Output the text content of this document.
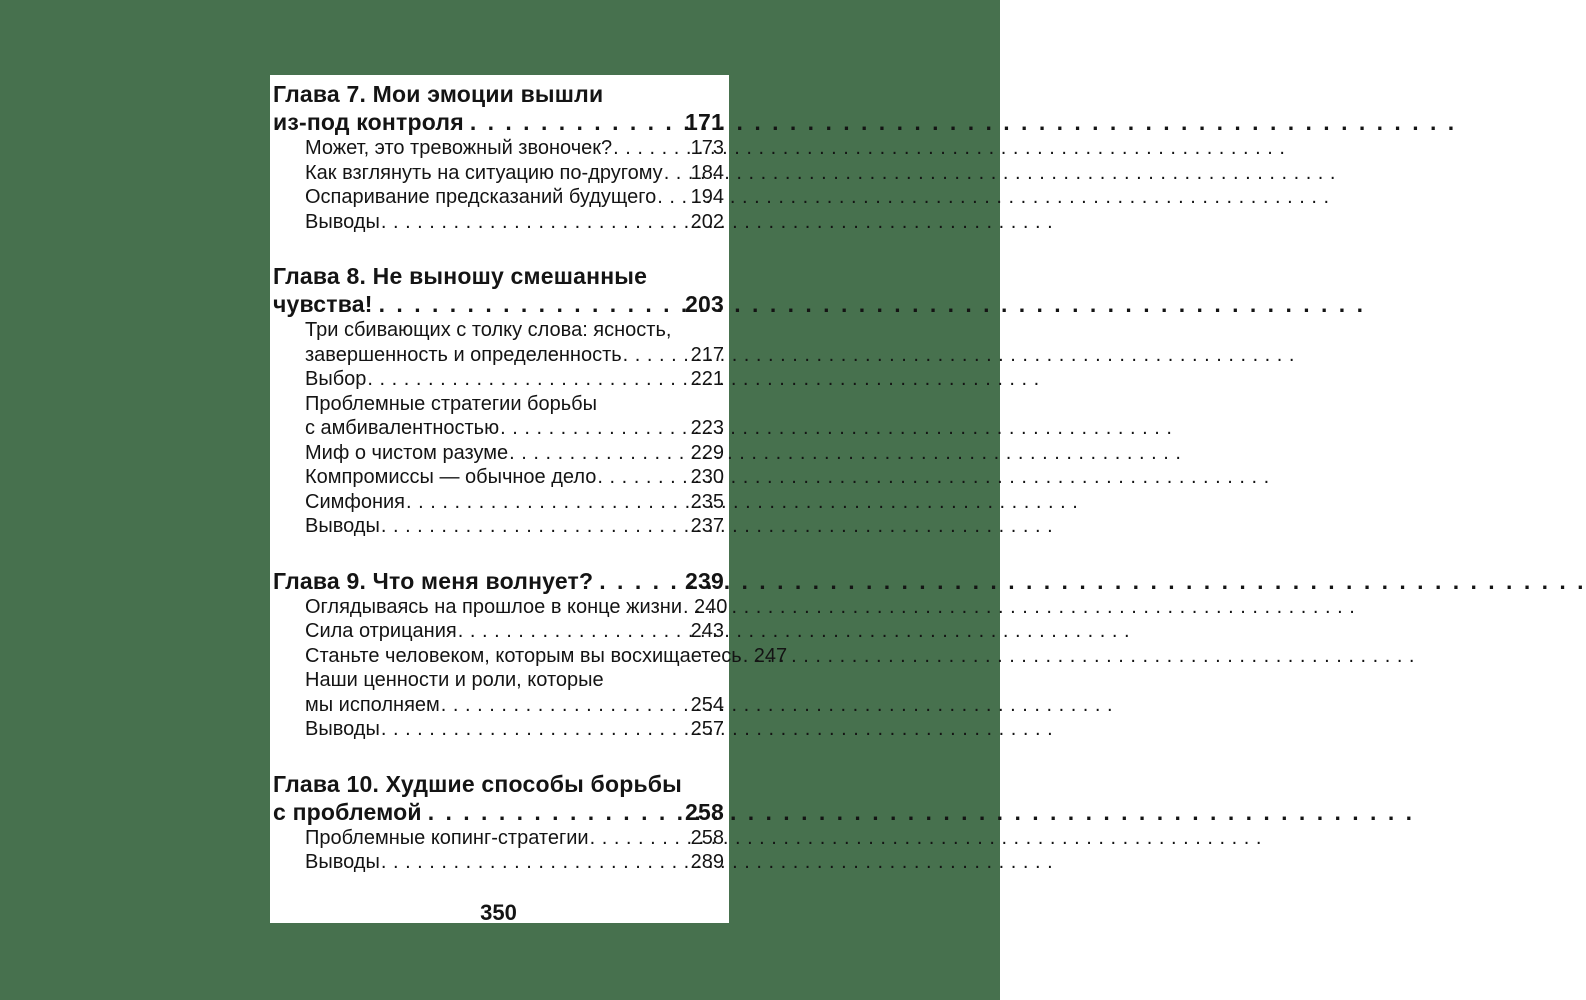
Глава 7. Мои эмоции вышли
из-под контроля . . .	171
Может, это тревожный звоночек? . . .	173
Как взглянуть на ситуацию по-другому . . . 184
Оспаривание предсказаний будущего . . . 194
Выводы . . .	202
Глава 8. Не выношу смешанные
чувства! . . .	203
Три сбивающих с толку слова: ясность,
завершенность и определенность . . .	217
Выбор . . .	221
Проблемные стратегии борьбы
с амбивалентностью . . .	223
Миф о чистом разуме . . .	229
Компромиссы — обычное дело . . .	230
Симфония . . .	235
Выводы . . .	237
Глава 9. Что меня волнует? . . .	239
Оглядываясь на прошлое в конце жизни . . . 240
Сила отрицания . . .	243
Станьте человеком, которым вы восхищаетесь . . . 247
Наши ценности и роли, которые
мы исполняем . . .	254
Выводы . . .	257
Глава 10. Худшие способы борьбы
с проблемой . . .	258
Проблемные копинг-стратегии . . .	258
Выводы . . .	289
350
